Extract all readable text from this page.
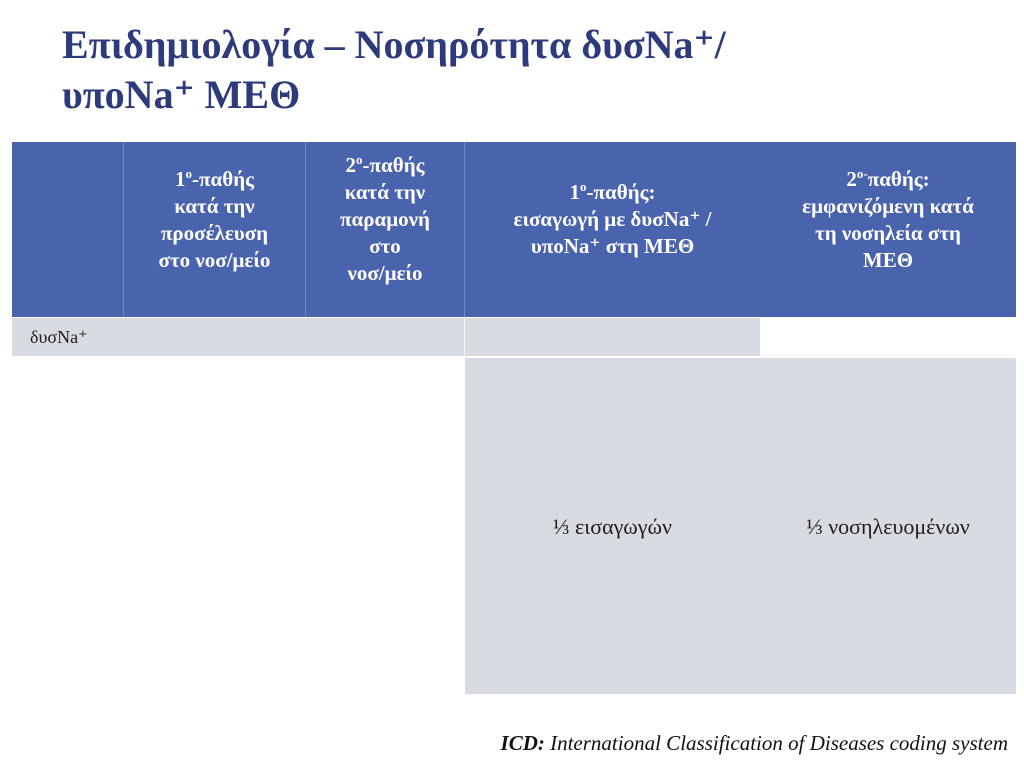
Επιδημιολογία – Νοσηρότητα δυσNa⁺/
υποNa⁺ ΜΕΘ
$1^o$-παθής
κατά την
προσέλευση
στο νοσ/μείο
$2^o$-παθής
κατά την
παραμονή
στο
νοσ/μείο
$1^o$-παθής:
εισαγωγή με δυσNa⁺ /
υποNa⁺ στη ΜΕΘ
$2^{o-}\pi\alpha\theta ή\varsigma$:
εμφανιζόμενη κατά
τη νοσηλεία στη
ΜΕΘ
δυσNa⁺
⅓ εισαγωγών	⅓ νοσηλευομένων
ICD: International Classification of Diseases coding system
